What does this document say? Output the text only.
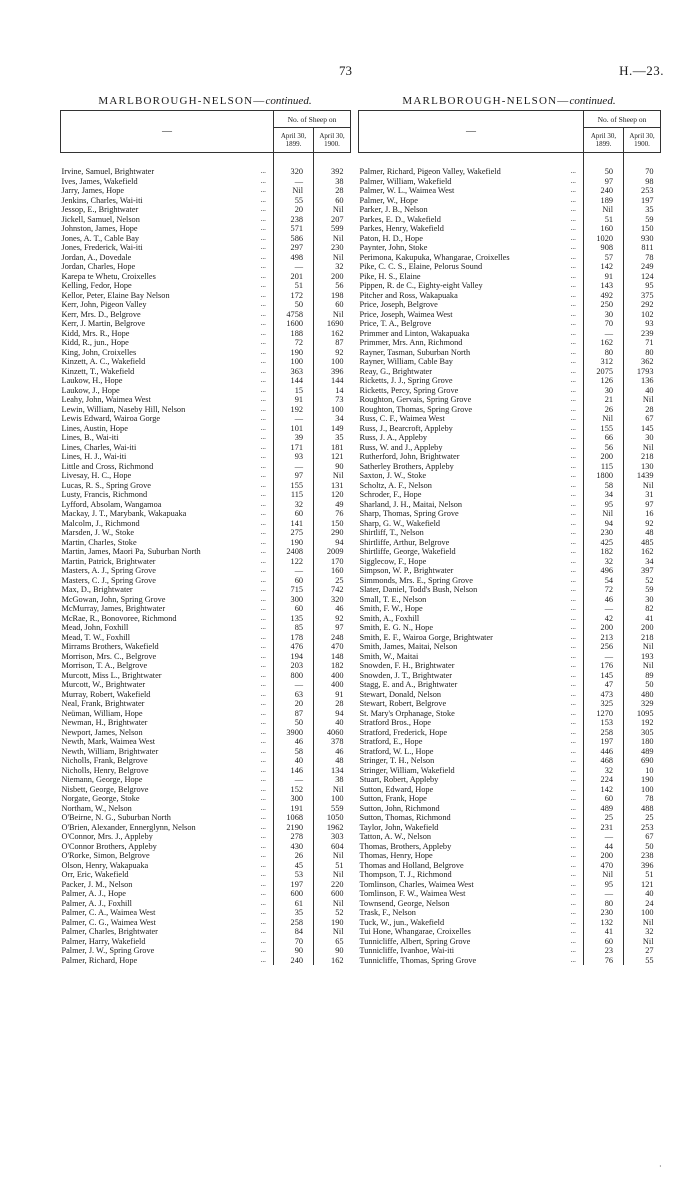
73	H.—23.
MARLBOROUGH-NELSON—continued.
—		No. of Sheep on	
		April 30, 1899.	April 30, 1900.
Irvine, Samuel, Brightwater	...	320	392
Ives, James, Wakefield	...	—	38
Jarry, James, Hope	...	Nil	28
Jenkins, Charles, Wai-iti	...	55	60
Jessop, E., Brightwater	...	20	Nil
Jickell, Samuel, Nelson	...	238	207
Johnston, James, Hope	...	571	599
Jones, A. T., Cable Bay	...	586	Nil
Jones, Frederick, Wai-iti	...	297	230
Jordan, A., Dovedale	...	498	Nil
Jordan, Charles, Hope	...	—	32
Karepa te Whetu, Croixelles	...	201	200
Kelling, Fedor, Hope	...	51	56
Kellor, Peter, Elaine Bay Nelson	...	172	198
Kerr, John, Pigeon Valley	...	50	60
Kerr, Mrs. D., Belgrove	...	4758	Nil
Kerr, J. Martin, Belgrove	...	1600	1690
Kidd, Mrs. R., Hope	...	188	162
Kidd, R., jun., Hope	...	72	87
King, John, Croixelles	...	190	92
Kinzett, A. C., Wakefield	...	100	100
Kinzett, T., Wakefield	...	363	396
Laukow, H., Hope	...	144	144
Laukow, J., Hope	...	15	14
Leahy, John, Waimea West	...	91	73
Lewin, William, Naseby Hill, Nelson	...	192	100
Lewis Edward, Wairoa Gorge	...	—	34
Lines, Austin, Hope	...	101	149
Lines, B., Wai-iti	...	39	35
Lines, Charles, Wai-iti	...	171	181
Lines, H. J., Wai-iti	...	93	121
Little and Cross, Richmond	...	—	90
Livesay, H. C., Hope	...	97	Nil
Lucas, R. S., Spring Grove	...	155	131
Lusty, Francis, Richmond	...	115	120
Lyfford, Absolam, Wangamoa	...	32	49
Mackay, J. T., Marybank, Wakapuaka	...	60	76
Malcolm, J., Richmond	...	141	150
Marsden, J. W., Stoke	...	275	290
Martin, Charles, Stoke	...	190	94
Martin, James, Maori Pa, Suburban North	...	2408	2009
Martin, Patrick, Brightwater	...	122	170
Masters, A. J., Spring Grove	...	—	160
Masters, C. J., Spring Grove	...	60	25
Max, D., Brightwater	...	715	742
McGowan, John, Spring Grove	...	300	320
McMurray, James, Brightwater	...	60	46
McRae, R., Bonovoree, Richmond	...	135	92
Mead, John, Foxhill	...	85	97
Mead, T. W., Foxhill	...	178	248
Mirrams Brothers, Wakefield	...	476	470
Morrison, Mrs. C., Belgrove	...	194	148
Morrison, T. A., Belgrove	...	203	182
Murcott, Miss L., Brightwater	...	800	400
Murcott, W., Brightwater	...	—	400
Murray, Robert, Wakefield	...	63	91
Neal, Frank, Brightwater	...	20	28
Neüman, William, Hope	...	87	94
Newman, H., Brightwater	...	50	40
Newport, James, Nelson	...	3900	4060
Newth, Mark, Waimea West	...	46	378
Newth, William, Brightwater	...	58	46
Nicholls, Frank, Belgrove	...	40	48
Nicholls, Henry, Belgrove	...	146	134
Niemann, George, Hope	...	—	38
Nisbett, George, Belgrove	...	152	Nil
Norgate, George, Stoke	...	300	100
Northam, W., Nelson	...	191	559
O'Beirne, N. G., Suburban North	...	1068	1050
O'Brien, Alexander, Ennerglynn, Nelson	...	2190	1962
O'Connor, Mrs. J., Appleby	...	278	303
O'Connor Brothers, Appleby	...	430	604
O'Rorke, Simon, Belgrove	...	26	Nil
Olson, Henry, Wakapuaka	...	45	51
Orr, Eric, Wakefield	...	53	Nil
Packer, J. M., Nelson	...	197	220
Palmer, A. J., Hope	...	600	600
Palmer, A. J., Foxhill	...	61	Nil
Palmer, C. A., Waimea West	...	35	52
Palmer, C. G., Waimea West	...	258	190
Palmer, Charles, Brightwater	...	84	Nil
Palmer, Harry, Wakefield	...	70	65
Palmer, J. W., Spring Grove	...	90	90
Palmer, Richard, Hope	...	240	162
MARLBOROUGH-NELSON—continued.
—		No. of Sheep on	
		April 30, 1899.	April 30, 1900.
Palmer, Richard, Pigeon Valley, Wakefield	...	50	70
Palmer, William, Wakefield	...	97	98
Palmer, W. L., Waimea West	...	240	253
Palmer, W., Hope	...	189	197
Parker, J. B., Nelson	...	Nil	35
Parkes, E. D., Wakefield	...	51	59
Parkes, Henry, Wakefield	...	160	150
Paton, H. D., Hope	...	1020	930
Paynter, John, Stoke	...	908	811
Perimona, Kakupuka, Whangarae, Croixelles	...	57	78
Pike, C. C. S., Elaine, Pelorus Sound	...	142	249
Pike, H. S., Elaine	...	91	124
Pippen, R. de C., Eighty-eight Valley	...	143	95
Pitcher and Ross, Wakapuaka	...	492	375
Price, Joseph, Belgrove	...	250	292
Price, Joseph, Waimea West	...	30	102
Price, T. A., Belgrove	...	70	93
Primmer and Linton, Wakapuaka	...	—	239
Primmer, Mrs. Ann, Richmond	...	162	71
Rayner, Tasman, Suburban North	...	80	80
Rayner, William, Cable Bay	...	312	362
Reay, G., Brightwater	...	2075	1793
Ricketts, J. J., Spring Grove	...	126	136
Ricketts, Percy, Spring Grove	...	30	40
Roughton, Gervais, Spring Grove	...	21	Nil
Roughton, Thomas, Spring Grove	...	26	28
Russ, C. F., Waimea West	...	Nil	67
Russ, J., Bearcroft, Appleby	...	155	145
Russ, J. A., Appleby	...	66	30
Russ, W. and J., Appleby	...	56	Nil
Rutherford, John, Brightwater	...	200	218
Satherley Brothers, Appleby	...	115	130
Saxton, J. W., Stoke	...	1800	1439
Scholtz, A. F., Nelson	...	58	Nil
Schroder, F., Hope	...	34	31
Sharland, J. H., Maitai, Nelson	...	95	97
Sharp, Thomas, Spring Grove	...	Nil	16
Sharp, G. W., Wakefield	...	94	92
Shirtliff, T., Nelson	...	230	48
Shirtliffe, Arthur, Belgrove	...	425	485
Shirtliffe, George, Wakefield	...	182	162
Sigglecow, F., Hope	...	32	34
Simpson, W. P., Brightwater	...	496	397
Simmonds, Mrs. E., Spring Grove	...	54	52
Slater, Daniel, Todd's Bush, Nelson	...	72	59
Small, T. E., Nelson	...	46	30
Smith, F. W., Hope	...	—	82
Smith, A., Foxhill	...	42	41
Smith, E. G. N., Hope	...	200	200
Smith, E. F., Wairoa Gorge, Brightwater	...	213	218
Smith, James, Maitai, Nelson	...	256	Nil
Smith, W., Maitai	...	—	193
Snowden, F. H., Brightwater	...	176	Nil
Snowden, J. T., Brightwater	...	145	89
Stagg, E. and A., Brightwater	...	47	50
Stewart, Donald, Nelson	...	473	480
Stewart, Robert, Belgrove	...	325	329
St. Mary's Orphanage, Stoke	...	1270	1095
Stratford Bros., Hope	...	153	192
Stratford, Frederick, Hope	...	258	305
Stratford, E., Hope	...	197	180
Stratford, W. L., Hope	...	446	489
Stringer, T. H., Nelson	...	468	690
Stringer, William, Wakefield	...	32	10
Stuart, Robert, Appleby	...	224	190
Sutton, Edward, Hope	...	142	100
Sutton, Frank, Hope	...	60	78
Sutton, John, Richmond	...	489	488
Sutton, Thomas, Richmond	...	25	25
Taylor, John, Wakefield	...	231	253
Tatton, A. W., Nelson	...	—	67
Thomas, Brothers, Appleby	...	44	50
Thomas, Henry, Hope	...	200	238
Thomas and Holland, Belgrove	...	470	396
Thompson, T. J., Richmond	...	Nil	51
Tomlinson, Charles, Waimea West	...	95	121
Tomlinson, F. W., Waimea West	...	—	40
Townsend, George, Nelson	...	80	24
Trask, F., Nelson	...	230	100
Tuck, W., jun., Wakefield	...	132	Nil
Tui Hone, Whangarae, Croixelles	...	41	32
Tunnicliffe, Albert, Spring Grove	...	60	Nil
Tunnicliffe, Ivanhoe, Wai-iti	...	23	27
Tunnicliffe, Thomas, Spring Grove	...	76	55
·
